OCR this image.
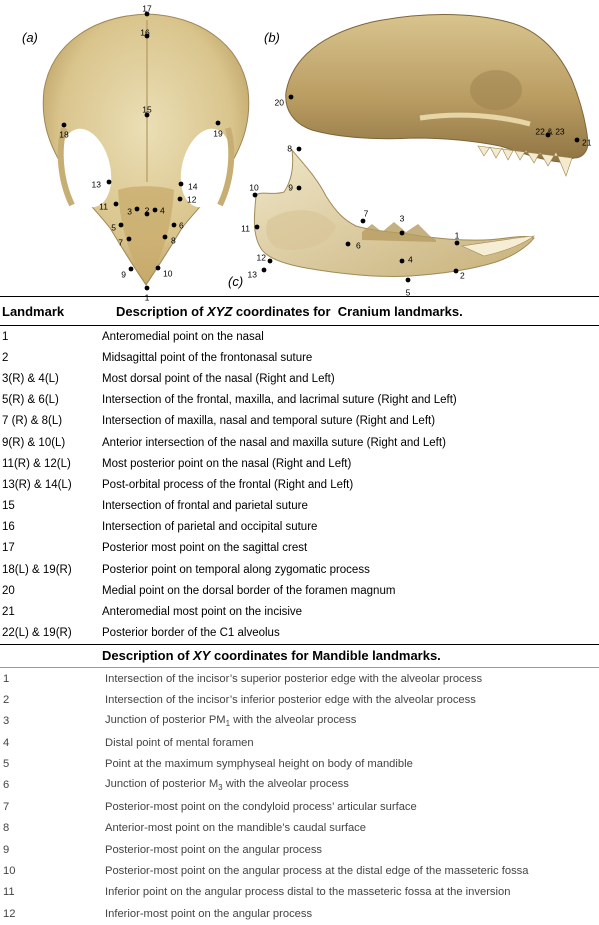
(a)	(b)
(c)
17
16
15
18	19
13	14
11
12
3 2 4
5	6
7	8
9	10
1
20
22 & 23
21
8
9
10
11
7	3
1
6
12
13
4
2
5
Landmark	Description of XYZ coordinates for  Cranium landmarks.
1	Anteromedial point on the nasal
2	Midsagittal point of the frontonasal suture
3(R) & 4(L)	Most dorsal point of the nasal (Right and Left)
5(R) & 6(L)	Intersection of the frontal, maxilla, and lacrimal suture (Right and Left)
7 (R) & 8(L)	Intersection of maxilla, nasal and temporal suture (Right and Left)
9(R) & 10(L)	Anterior intersection of the nasal and maxilla suture (Right and Left)
11(R) & 12(L)	Most posterior point on the nasal (Right and Left)
13(R) & 14(L)	Post-orbital process of the frontal (Right and Left)
15	Intersection of frontal and parietal suture
16	Intersection of parietal and occipital suture
17	Posterior most point on the sagittal crest
18(L) & 19(R)	Posterior point on temporal along zygomatic process
20	Medial point on the dorsal border of the foramen magnum
21	Anteromedial most point on the incisive
22(L) & 19(R)	Posterior border of the C1 alveolus
Description of XY coordinates for Mandible landmarks.	
1	Intersection of the incisor’s superior posterior edge with the alveolar process
2	Intersection of the incisor’s inferior posterior edge with the alveolar process
3	Junction of posterior $PM_1$ with the alveolar process
4	Distal point of mental foramen
5	Point at the maximum symphyseal height on body of mandible
6	Junction of posterior $M_3$ with the alveolar process
7	Posterior-most point on the condyloid process’ articular surface
8	Anterior-most point on the mandible’s caudal surface
9	Posterior-most point on the angular process
10	Posterior-most point on the angular process at the distal edge of the masseteric fossa
11	Inferior point on the angular process distal to the masseteric fossa at the inversion
12	Inferior-most point on the angular process
